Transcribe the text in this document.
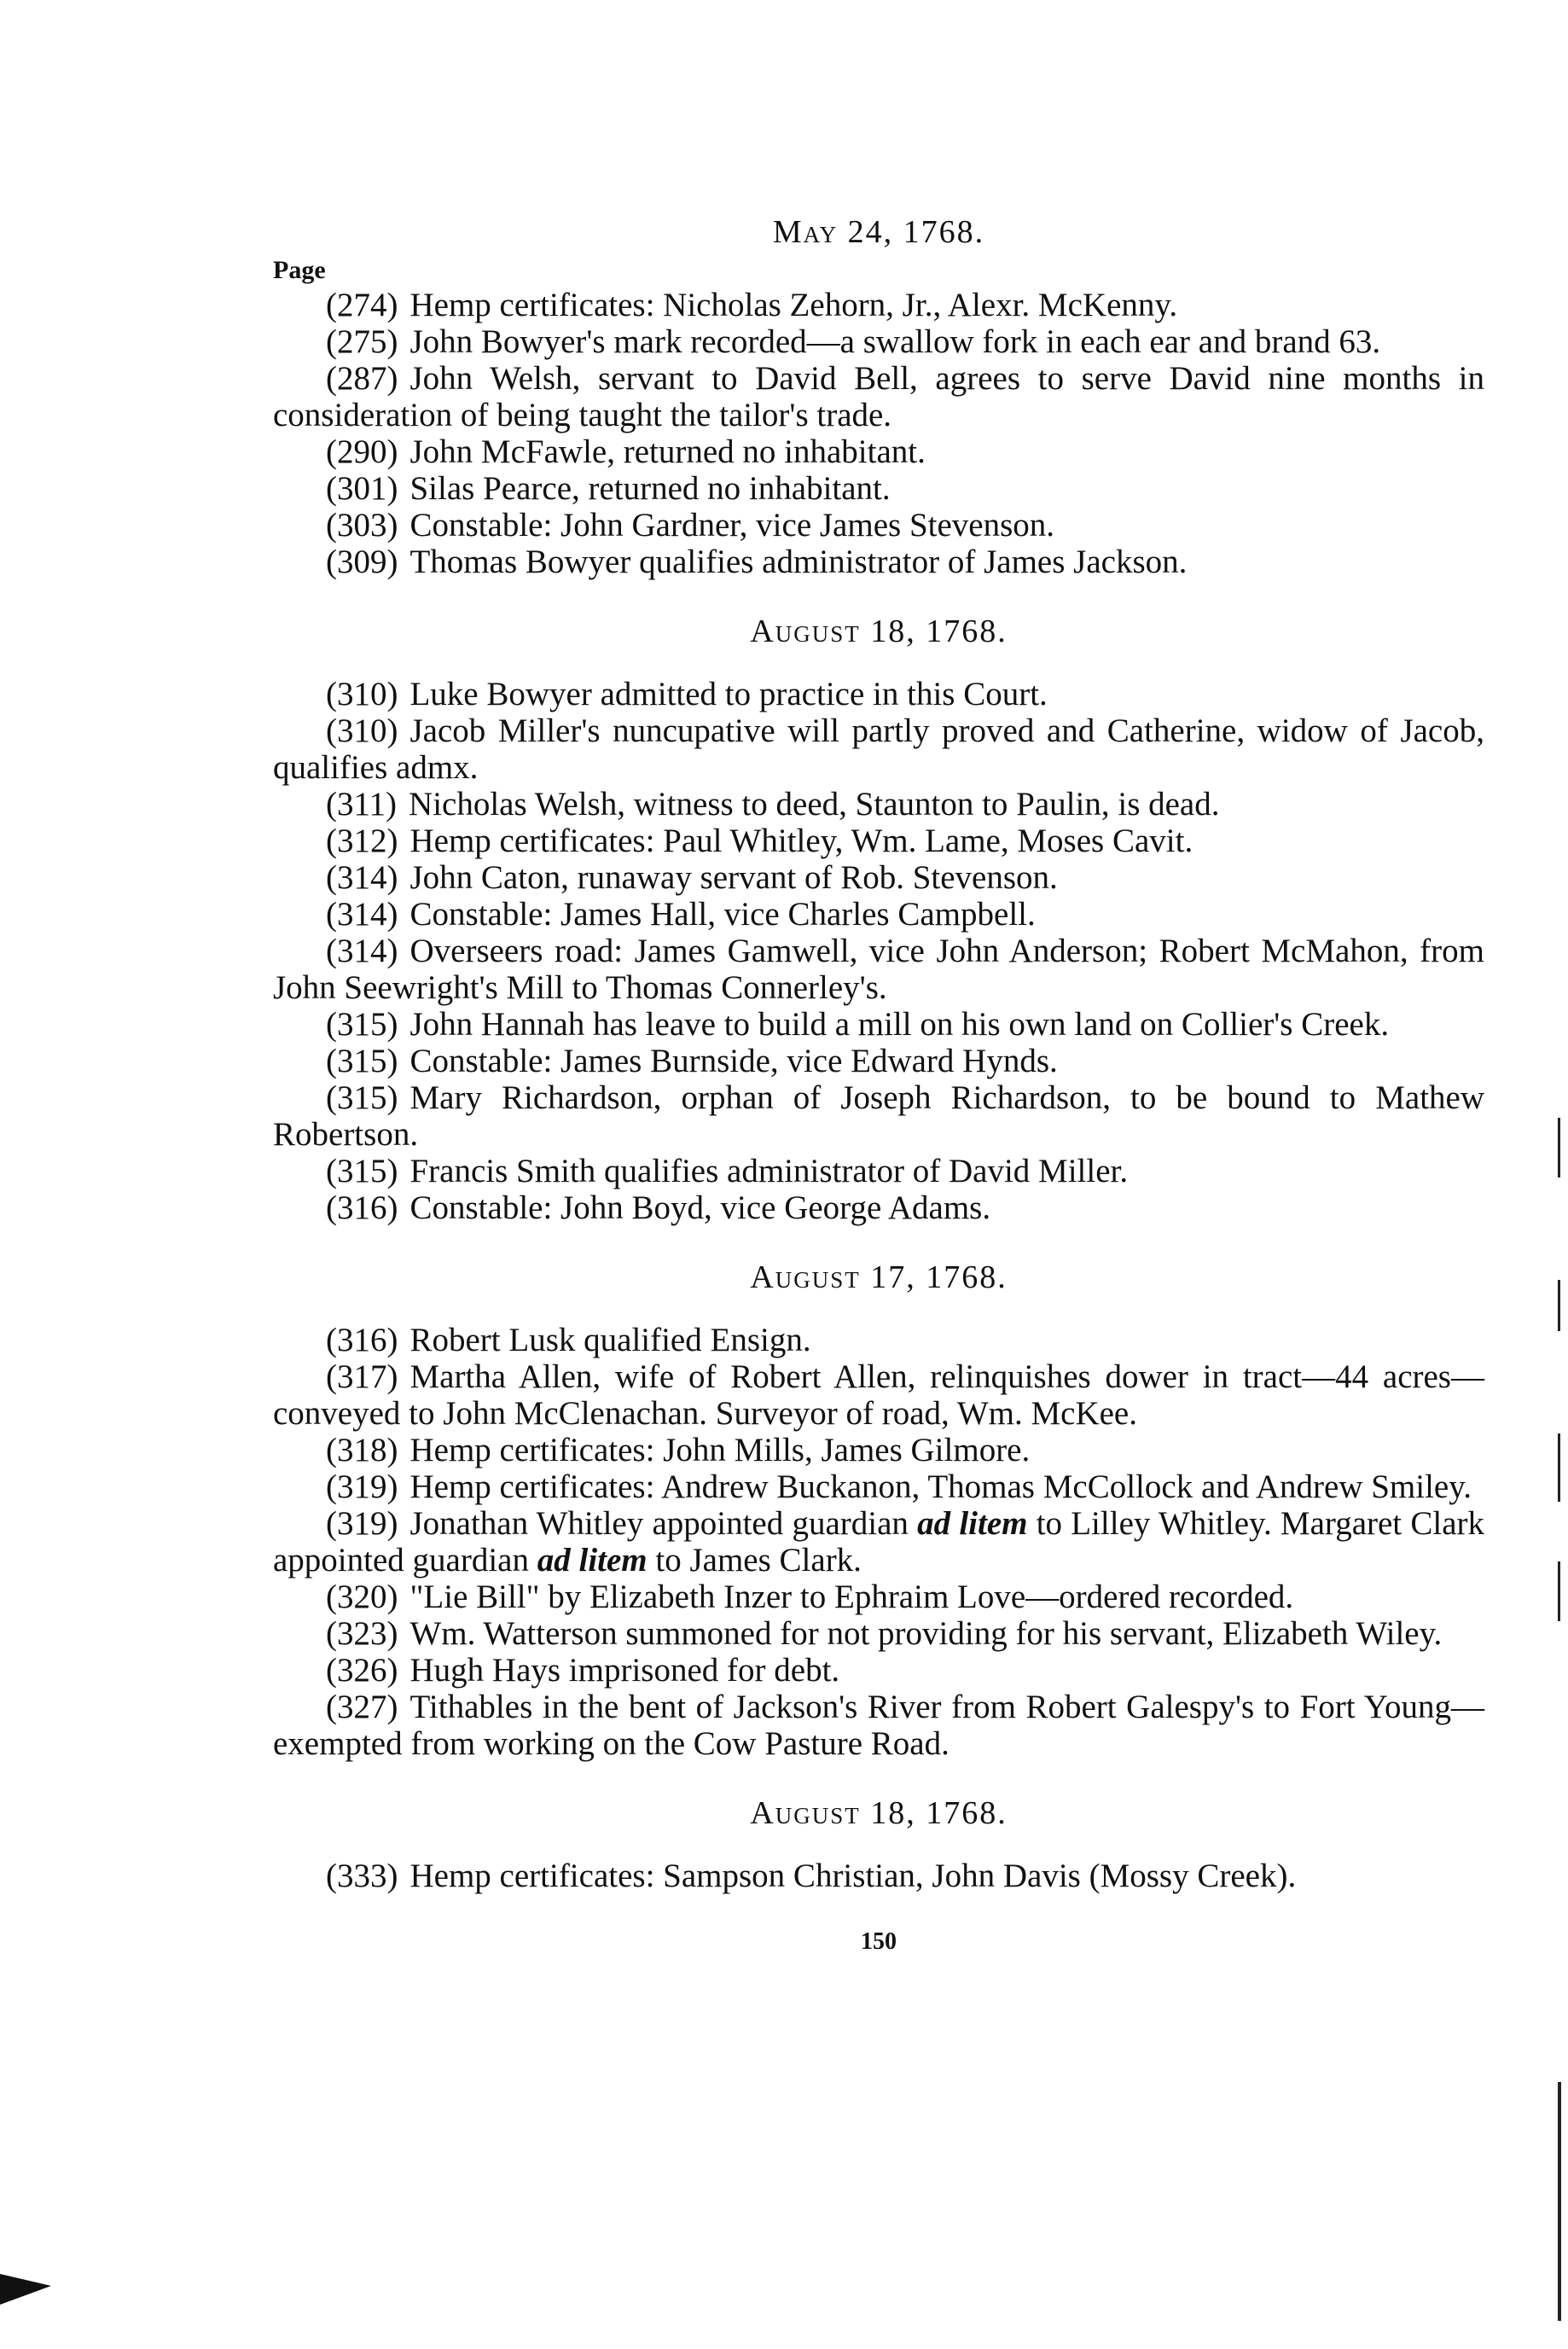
May 24, 1768.
Page

(274) Hemp certificates: Nicholas Zehorn, Jr., Alexr. McKenny.

(275) John Bowyer's mark recorded—a swallow fork in each ear and brand 63.

(287) John Welsh, servant to David Bell, agrees to serve David nine months in consideration of being taught the tailor's trade.

(290) John McFawle, returned no inhabitant.

(301) Silas Pearce, returned no inhabitant.

(303) Constable: John Gardner, vice James Stevenson.

(309) Thomas Bowyer qualifies administrator of James Jackson.

August 18, 1768.

(310) Luke Bowyer admitted to practice in this Court.

(310) Jacob Miller's nuncupative will partly proved and Catherine, widow of Jacob, qualifies admx.

(311) Nicholas Welsh, witness to deed, Staunton to Paulin, is dead.

(312) Hemp certificates: Paul Whitley, Wm. Lame, Moses Cavit.

(314) John Caton, runaway servant of Rob. Stevenson.

(314) Constable: James Hall, vice Charles Campbell.

(314) Overseers road: James Gamwell, vice John Anderson; Robert McMahon, from John Seewright's Mill to Thomas Connerley's.

(315) John Hannah has leave to build a mill on his own land on Collier's Creek.

(315) Constable: James Burnside, vice Edward Hynds.

(315) Mary Richardson, orphan of Joseph Richardson, to be bound to Mathew Robertson.

(315) Francis Smith qualifies administrator of David Miller.

(316) Constable: John Boyd, vice George Adams.

August 17, 1768.

(316) Robert Lusk qualified Ensign.

(317) Martha Allen, wife of Robert Allen, relinquishes dower in tract—44 acres—conveyed to John McClenachan. Surveyor of road, Wm. McKee.

(318) Hemp certificates: John Mills, James Gilmore.

(319) Hemp certificates: Andrew Buckanon, Thomas McCollock and Andrew Smiley.

(319) Jonathan Whitley appointed guardian ad litem to Lilley Whitley. Margaret Clark appointed guardian ad litem to James Clark.

(320) "Lie Bill" by Elizabeth Inzer to Ephraim Love—ordered recorded.

(323) Wm. Watterson summoned for not providing for his servant, Elizabeth Wiley.

(326) Hugh Hays imprisoned for debt.

(327) Tithables in the bent of Jackson's River from Robert Galespy's to Fort Young—exempted from working on the Cow Pasture Road.

August 18, 1768.

(333) Hemp certificates: Sampson Christian, John Davis (Mossy Creek).

150
